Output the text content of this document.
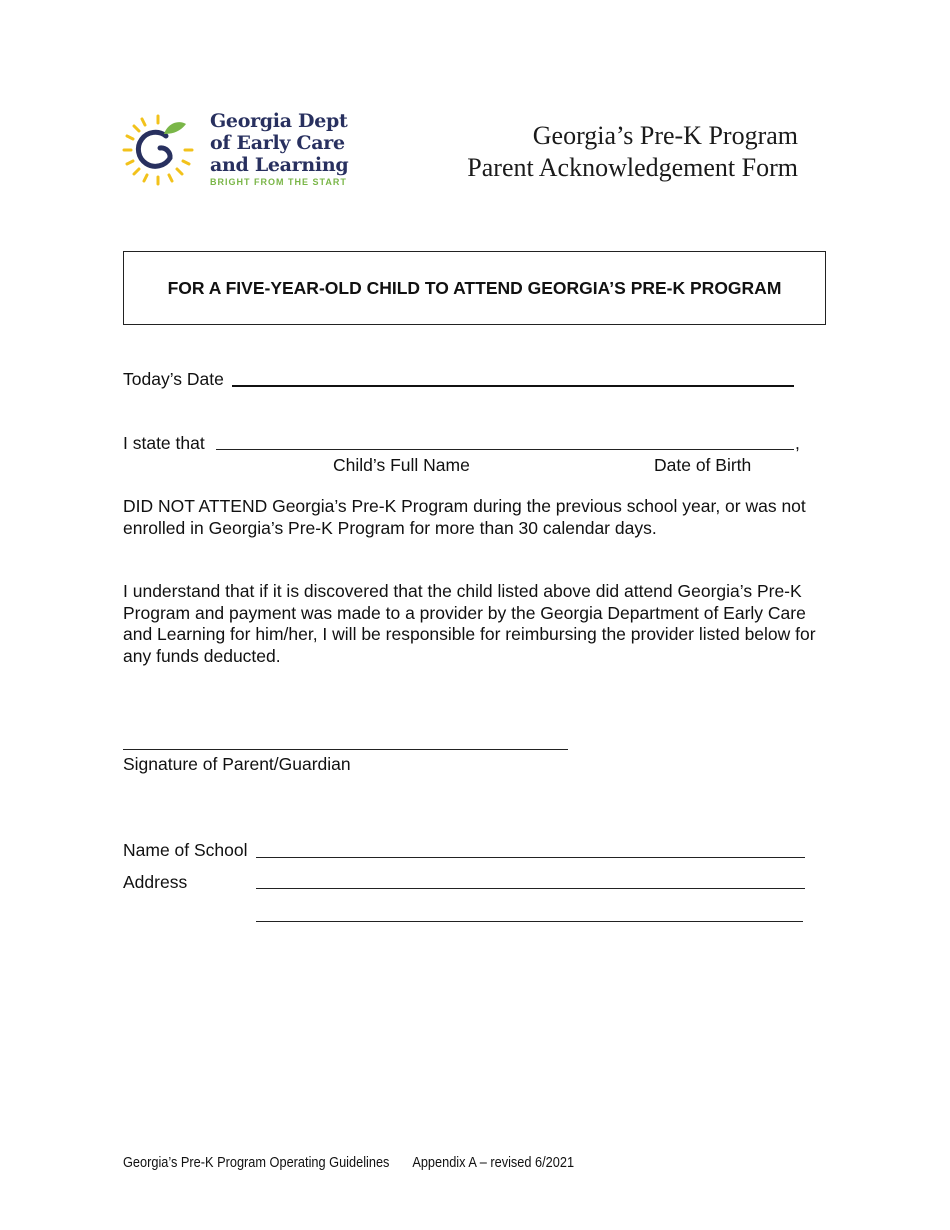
Georgia Dept
of Early Care
and Learning
BRIGHT FROM THE START
Georgia’s Pre-K Program
Parent Acknowledgement Form
FOR A FIVE-YEAR-OLD CHILD TO ATTEND GEORGIA’S PRE-K PROGRAM
Today’s Date
I state that	,
Child’s Full Name	Date of Birth
DID NOT ATTEND Georgia’s Pre-K Program during the previous school year, or was not enrolled in Georgia’s Pre-K Program for more than 30 calendar days.
I understand that if it is discovered that the child listed above did attend Georgia’s Pre-K Program and payment was made to a provider by the Georgia Department of Early Care and Learning for him/her, I will be responsible for reimbursing the provider listed below for any funds deducted.
Signature of Parent/Guardian
Name of School
Address
Georgia’s Pre-K Program Operating Guidelines Appendix A – revised 6/2021
